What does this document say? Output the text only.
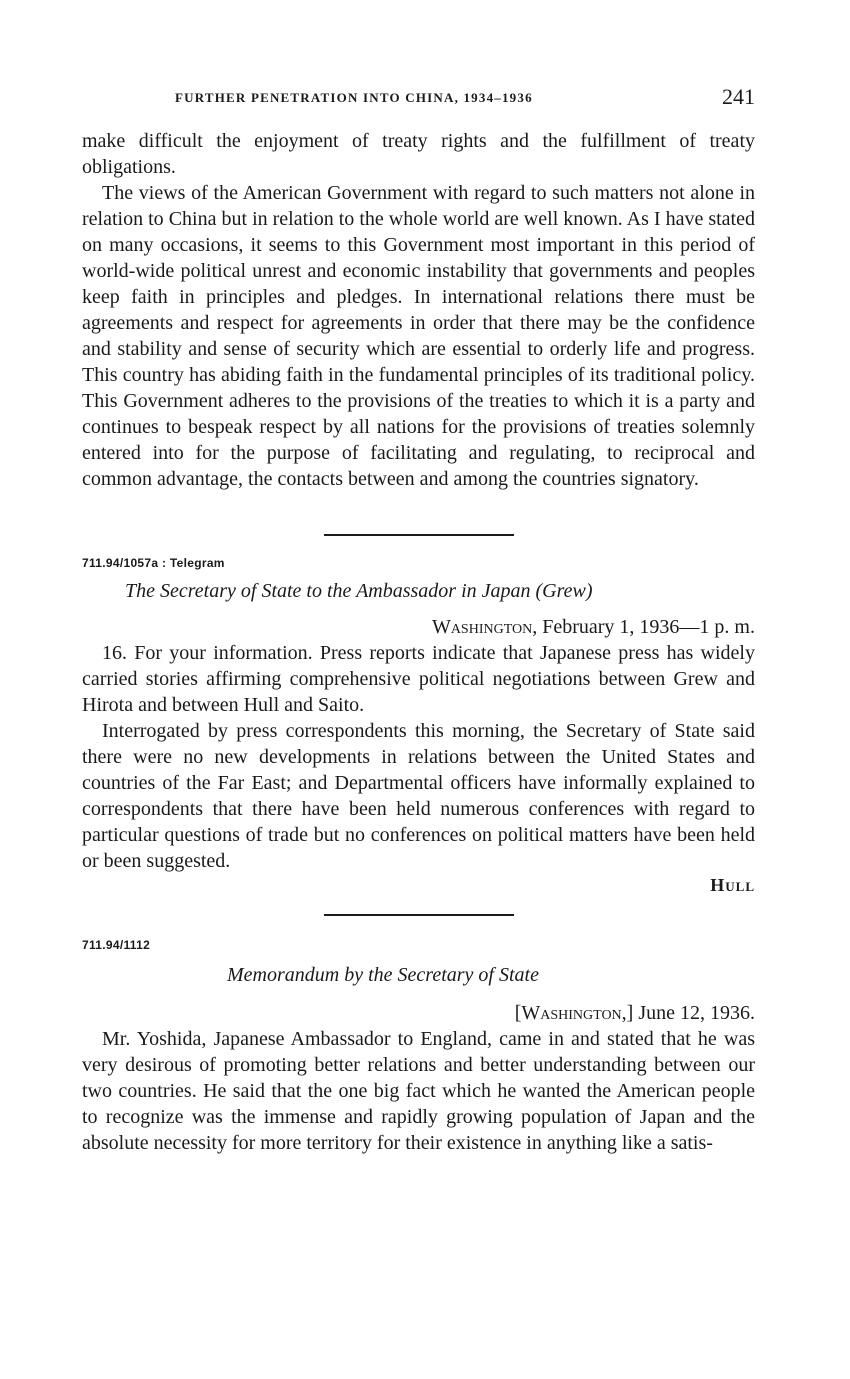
FURTHER PENETRATION INTO CHINA, 1934–1936	241

make difficult the enjoyment of treaty rights and the fulfillment of treaty obligations.

The views of the American Government with regard to such matters not alone in relation to China but in relation to the whole world are well known. As I have stated on many occasions, it seems to this Government most important in this period of world-wide political unrest and economic instability that governments and peoples keep faith in principles and pledges. In international relations there must be agreements and respect for agreements in order that there may be the confidence and stability and sense of security which are essential to orderly life and progress. This country has abiding faith in the fundamental principles of its traditional policy. This Government adheres to the provisions of the treaties to which it is a party and continues to bespeak respect by all nations for the provisions of treaties solemnly entered into for the purpose of facilitating and regulating, to reciprocal and common advantage, the contacts between and among the countries signatory.

711.94/1057a : Telegram
The Secretary of State to the Ambassador in Japan (Grew)
Washington, February 1, 1936—1 p. m.

16. For your information. Press reports indicate that Japanese press has widely carried stories affirming comprehensive political negotiations between Grew and Hirota and between Hull and Saito.

Interrogated by press correspondents this morning, the Secretary of State said there were no new developments in relations between the United States and countries of the Far East; and Departmental officers have informally explained to correspondents that there have been held numerous conferences with regard to particular questions of trade but no conferences on political matters have been held or been suggested.

Hull
711.94/1112
Memorandum by the Secretary of State
[Washington,] June 12, 1936.

Mr. Yoshida, Japanese Ambassador to England, came in and stated that he was very desirous of promoting better relations and better understanding between our two countries. He said that the one big fact which he wanted the American people to recognize was the immense and rapidly growing population of Japan and the absolute necessity for more territory for their existence in anything like a satis-
